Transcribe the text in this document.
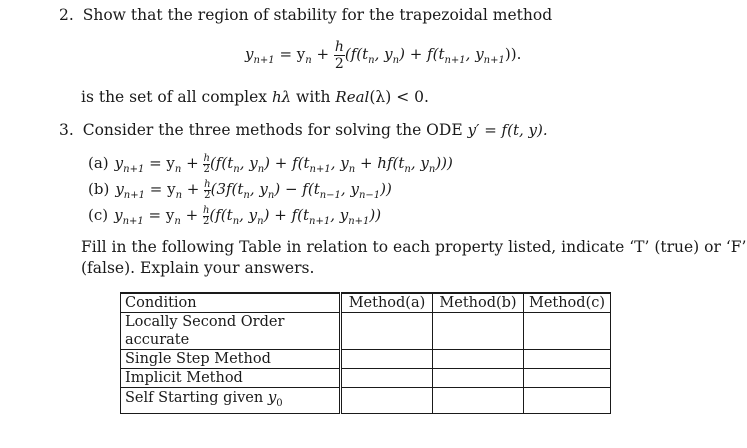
2. Show that the region of stability for the trapezoidal method
$y_{n+1} = y_n + \frac{h}{2} (f(t_n$, $y_n) + f(t_{n+1}$, $y_{n+1}$)).
is the set of all complex hλ with Real(λ) < 0.
3. Consider the three methods for solving the ODE y′ = f(t, y).
(a) $y_{n+1} = y_n + \frac{h}{2} (f(t_n$, $y_n) + f(t_{n+1}$, $y_n + hf(t_n$, $y_n$)))
(b) $y_{n+1} = y_n + \frac{h}{2} (3f(t_n$, $y_n) - f(t_{n-1}$, $y_{n-1}$))
(c) $y_{n+1} = y_n + \frac{h}{2} (f(t_n$, $y_n) + f(t_{n+1}$, $y_{n+1}$))
Fill in the following Table in relation to each property listed, indicate ‘T’ (true) or ‘F’
(false). Explain your answers.
Condition	Method(a)	Method(b)	Method(c)
Locally Second Order accurate			
Single Step Method			
Implicit Method			
Self Starting given $y_0$			
